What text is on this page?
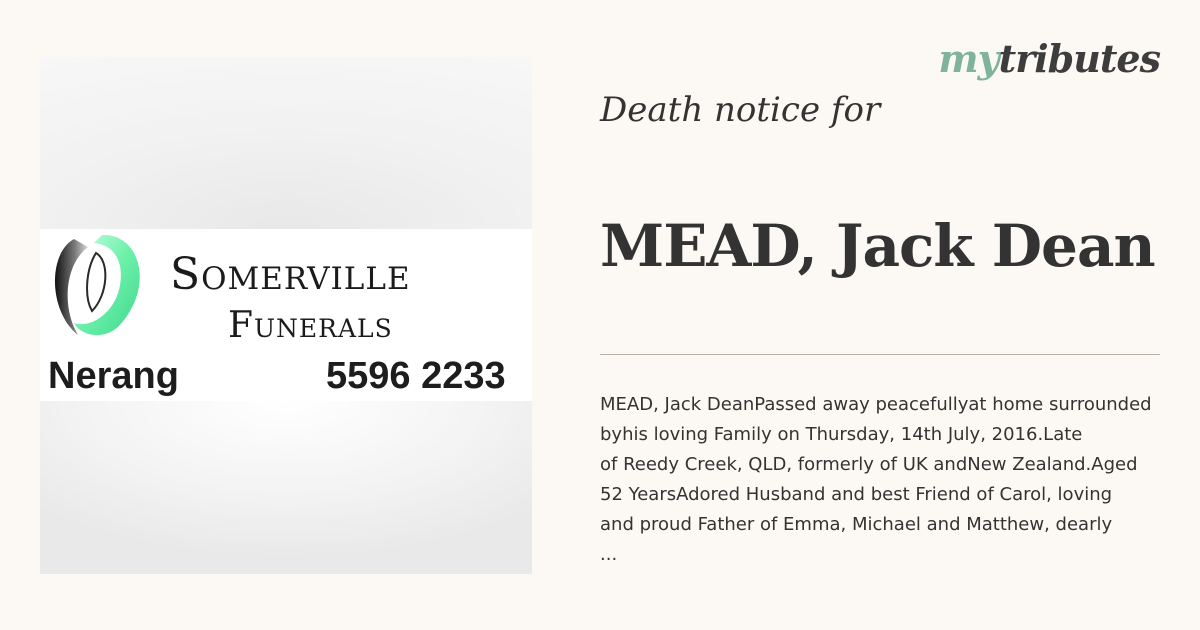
Somerville
Funerals
Nerang	5596 2233
mytributes
Death notice for
MEAD, Jack Dean
MEAD, Jack DeanPassed away peacefullyat home surrounded
byhis loving Family on Thursday, 14th July, 2016.Late
of Reedy Creek, QLD, formerly of UK andNew Zealand.Aged
52 YearsAdored Husband and best Friend of Carol, loving
and proud Father of Emma, Michael and Matthew, dearly
...
